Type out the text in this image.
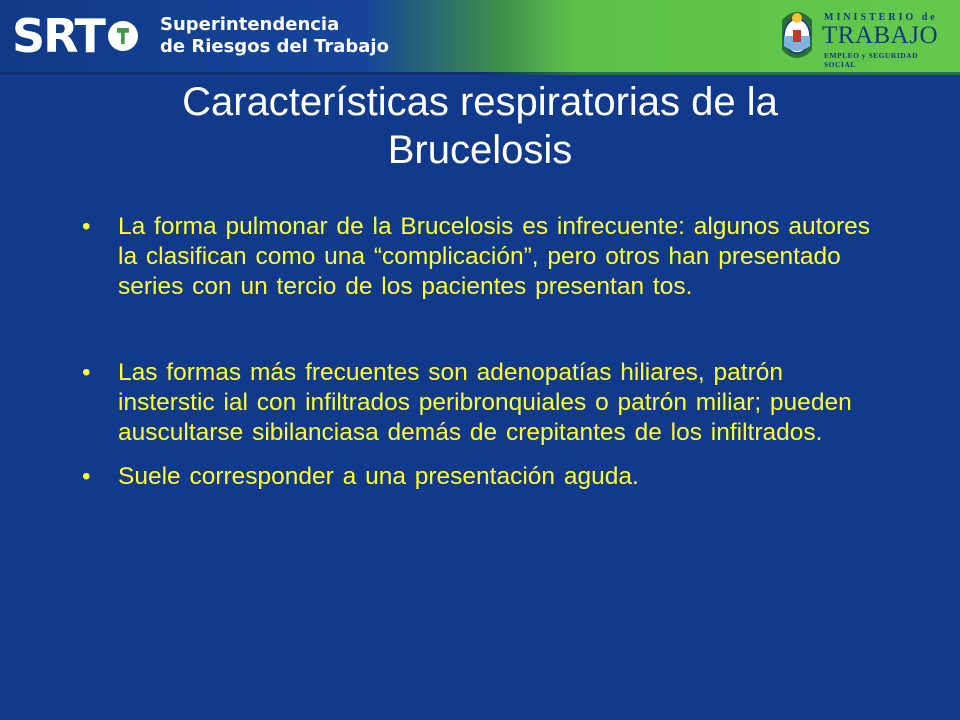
SRT	Superintendencia
de Riesgos del Trabajo
MINISTERIO de
TRABAJO
EMPLEO y SEGURIDAD SOCIAL
Características respiratorias de la
Brucelosis
• La forma pulmonar de la Brucelosis es infrecuente: algunos autores la clasifican como una “complicación”, pero otros han presentado series con un tercio de los pacientes presentan tos.
• Las formas más frecuentes son adenopatías hiliares, patrón insterstic ial con infiltrados peribronquiales o patrón miliar; pueden auscultarse sibilanciasa demás de crepitantes de los infiltrados.
• Suele corresponder a una presentación aguda.
